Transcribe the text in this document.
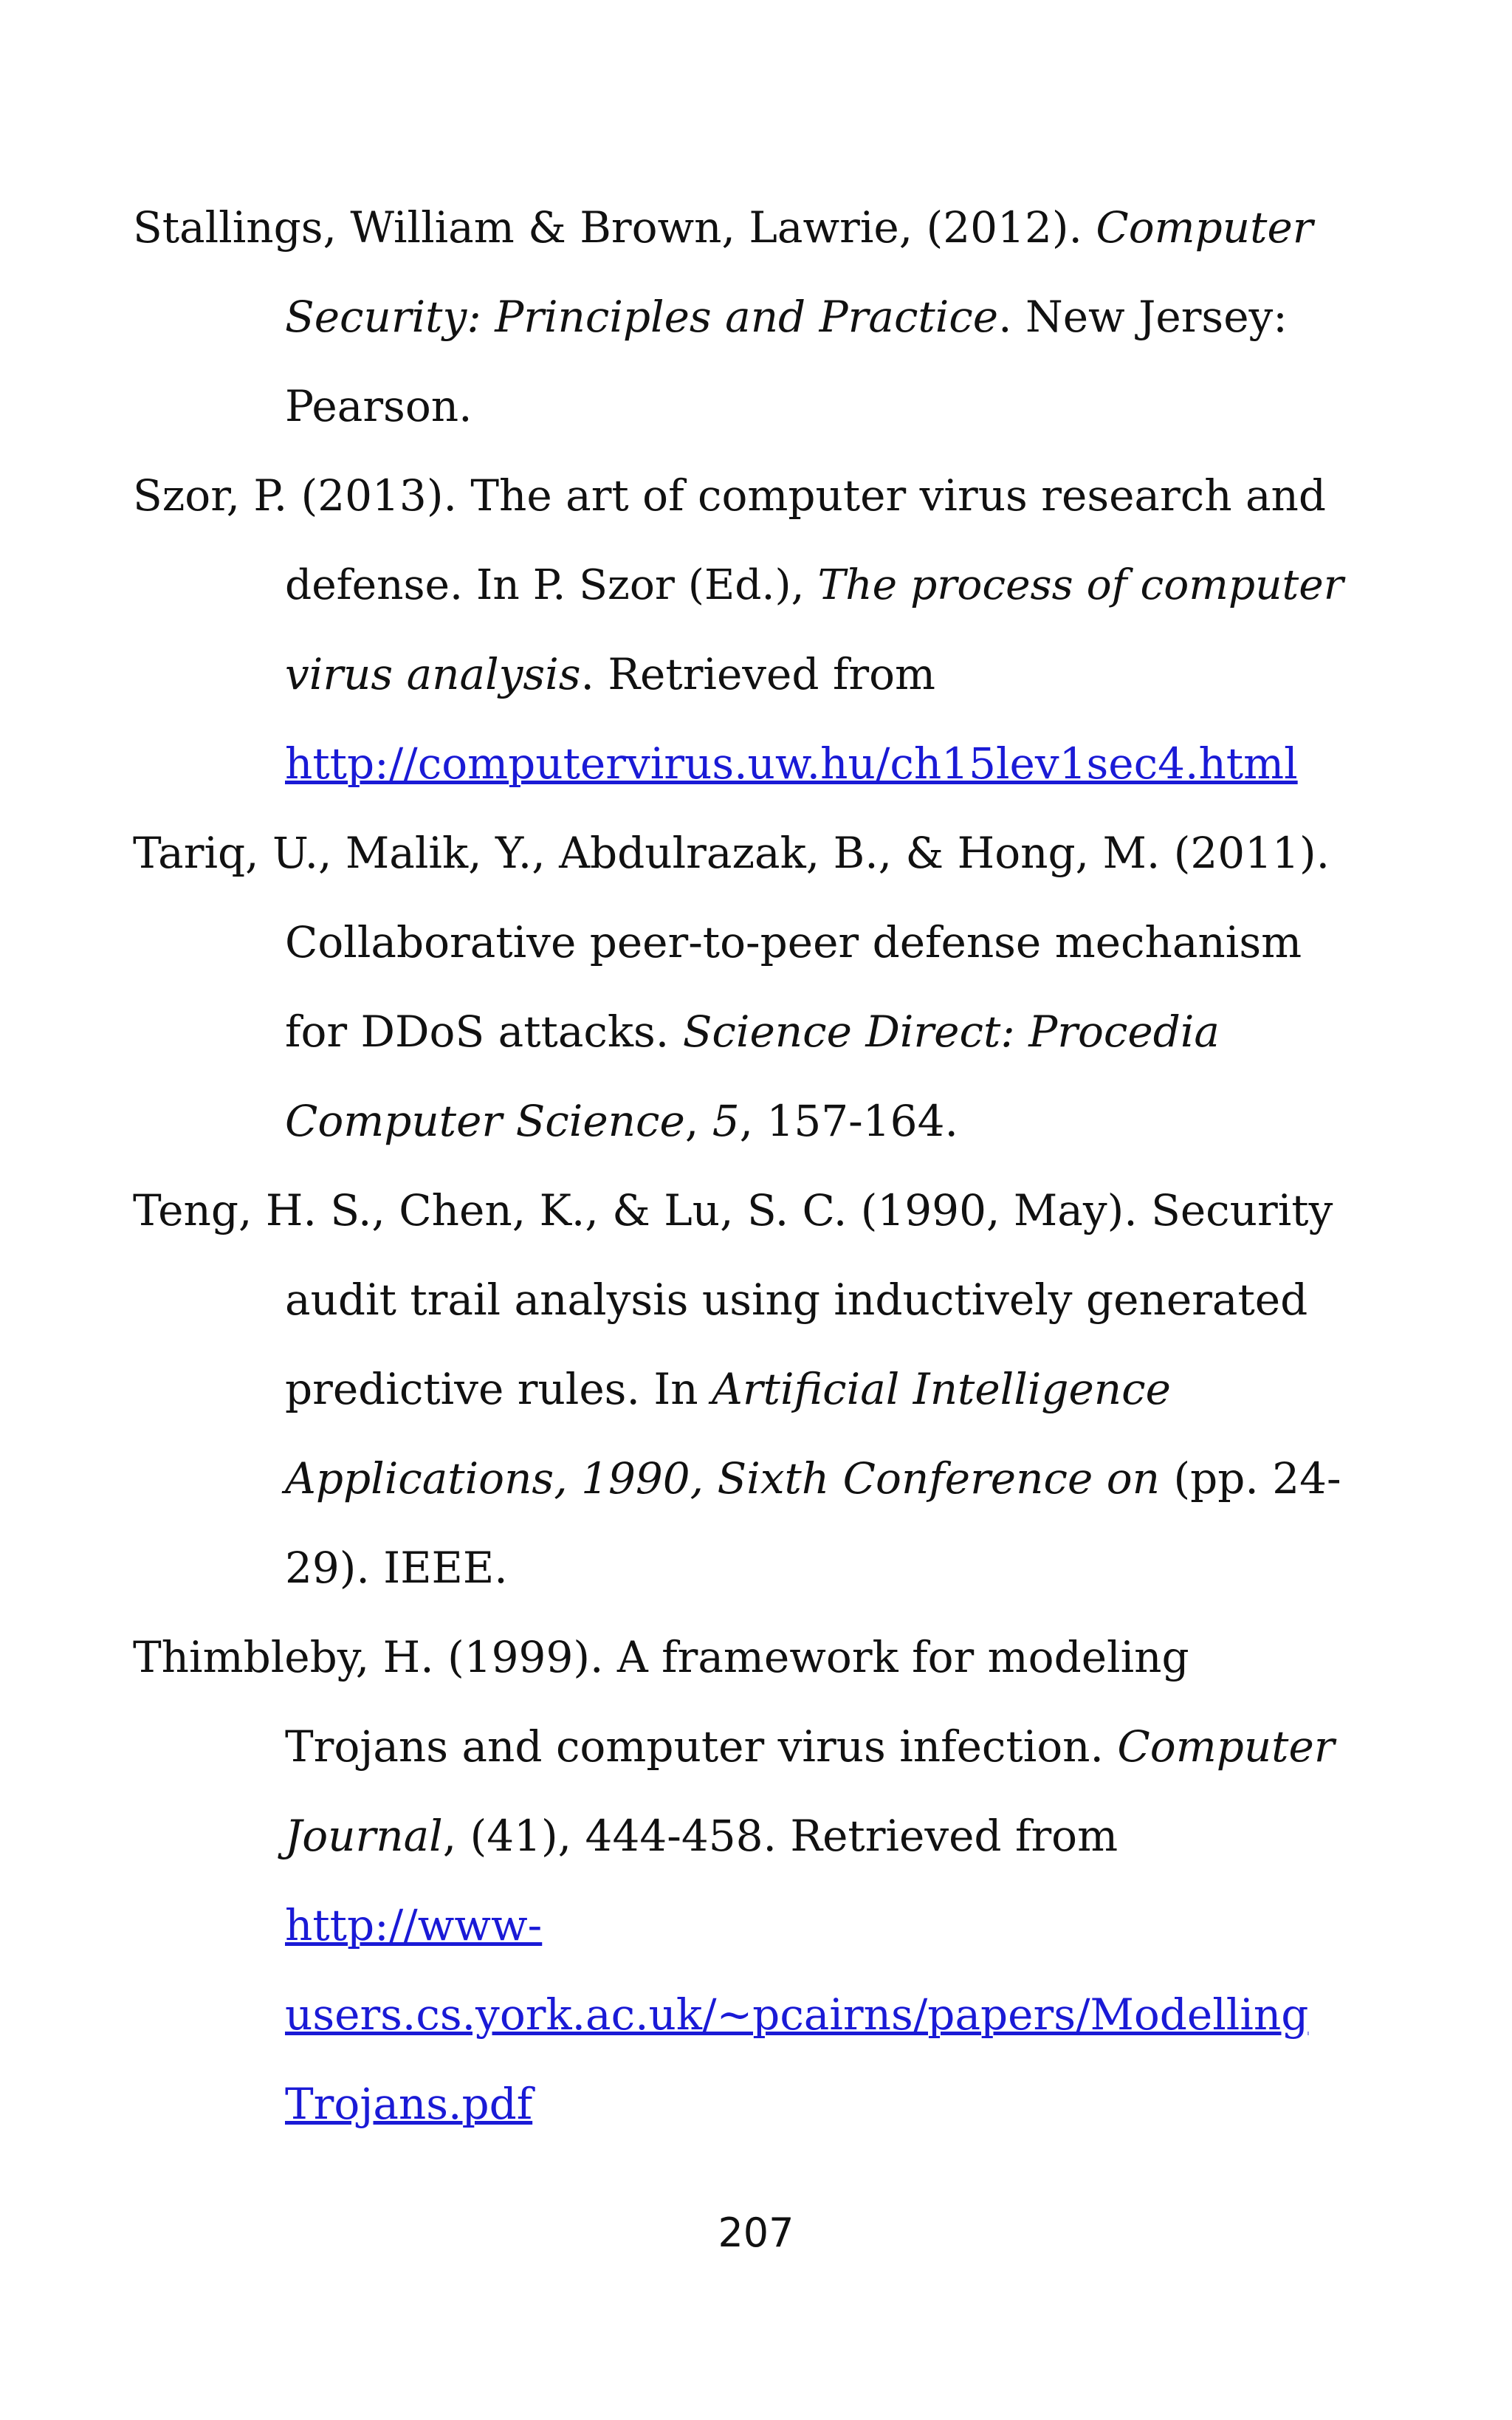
Stallings, William & Brown, Lawrie, (2012). Computer
Security: Principles and Practice. New Jersey:
Pearson.
Szor, P. (2013). The art of computer virus research and
defense. In P. Szor (Ed.), The process of computer
virus analysis. Retrieved from
http://computervirus.uw.hu/ch15lev1sec4.html
Tariq, U., Malik, Y., Abdulrazak, B., & Hong, M. (2011).
Collaborative peer-to-peer defense mechanism
for DDoS attacks. Science Direct: Procedia
Computer Science, 5, 157-164.
Teng, H. S., Chen, K., & Lu, S. C. (1990, May). Security
audit trail analysis using inductively generated
predictive rules. In Artificial Intelligence
Applications, 1990, Sixth Conference on (pp. 24-
29). IEEE.
Thimbleby, H. (1999). A framework for modeling
Trojans and computer virus infection. Computer
Journal, (41), 444-458. Retrieved from
http://www-
users.cs.york.ac.uk/~pcairns/papers/Modelling
Trojans.pdf
207
